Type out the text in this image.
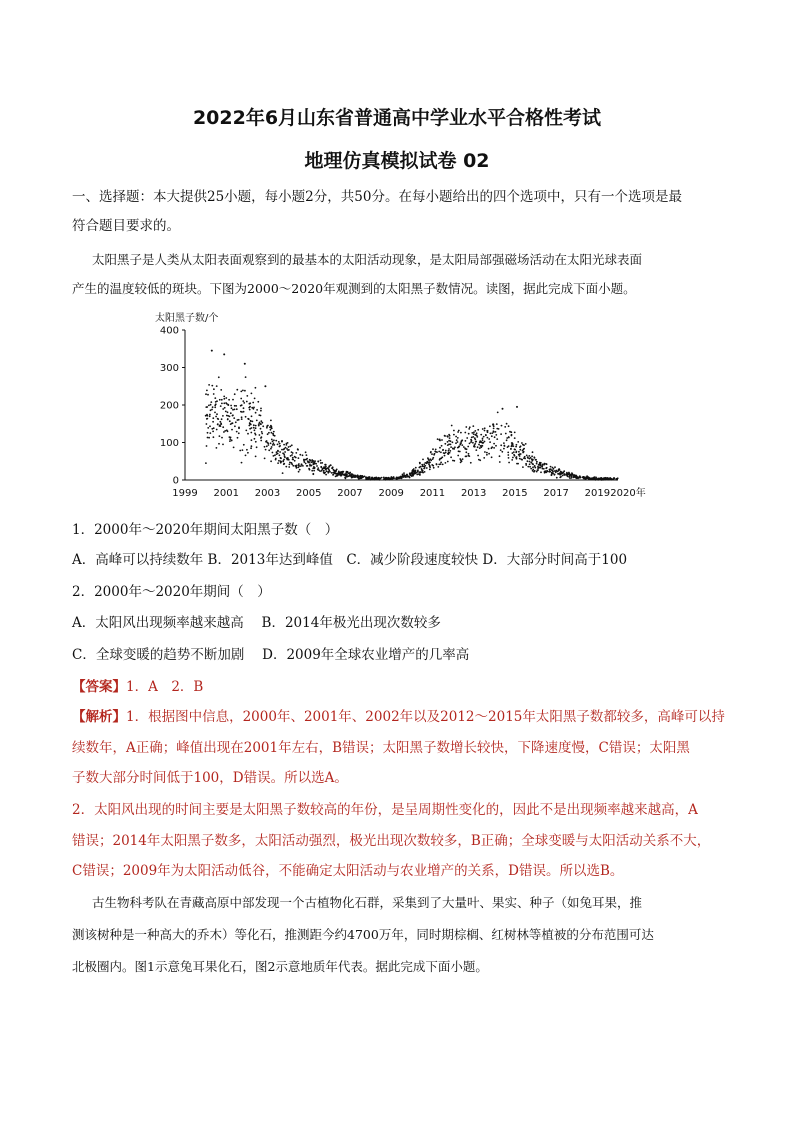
2022年6月山东省普通高中学业水平合格性考试
地理仿真模拟试卷 02
一、选择题：本大提供25小题，每小题2分，共50分。在每小题给出的四个选项中，只有一个选项是最
符合题目要求的。
太阳黑子是人类从太阳表面观察到的最基本的太阳活动现象，是太阳局部强磁场活动在太阳光球表面
产生的温度较低的斑块。下图为2000～2020年观测到的太阳黑子数情况。读图，据此完成下面小题。
太阳黑子数/个
0
100
200
300
400
1999 2001 2003 2005 2007 2009 2011 2013 2015 2017 2019 2020年
1．2000年～2020年期间太阳黑子数（　）
A．高峰可以持续数年 B．2013年达到峰值　C．减少阶段速度较快 D．大部分时间高于100
2．2000年～2020年期间（　）
A．太阳风出现频率越来越高　 B．2014年极光出现次数较多
C．全球变暖的趋势不断加剧　 D．2009年全球农业增产的几率高
【答案】1．A　2．B
【解析】1．根据图中信息，2000年、2001年、2002年以及2012～2015年太阳黑子数都较多，高峰可以持
续数年，A正确；峰值出现在2001年左右，B错误；太阳黑子数增长较快，下降速度慢，C错误；太阳黑
子数大部分时间低于100，D错误。所以选A。
2．太阳风出现的时间主要是太阳黑子数较高的年份，是呈周期性变化的，因此不是出现频率越来越高，A
错误；2014年太阳黑子数多，太阳活动强烈，极光出现次数较多，B正确；全球变暖与太阳活动关系不大，
C错误；2009年为太阳活动低谷，不能确定太阳活动与农业增产的关系，D错误。所以选B。
古生物科考队在青藏高原中部发现一个古植物化石群，采集到了大量叶、果实、种子（如兔耳果，推
测该树种是一种高大的乔木）等化石，推测距今约4700万年，同时期棕榈、红树林等植被的分布范围可达
北极圈内。图1示意兔耳果化石，图2示意地质年代表。据此完成下面小题。
